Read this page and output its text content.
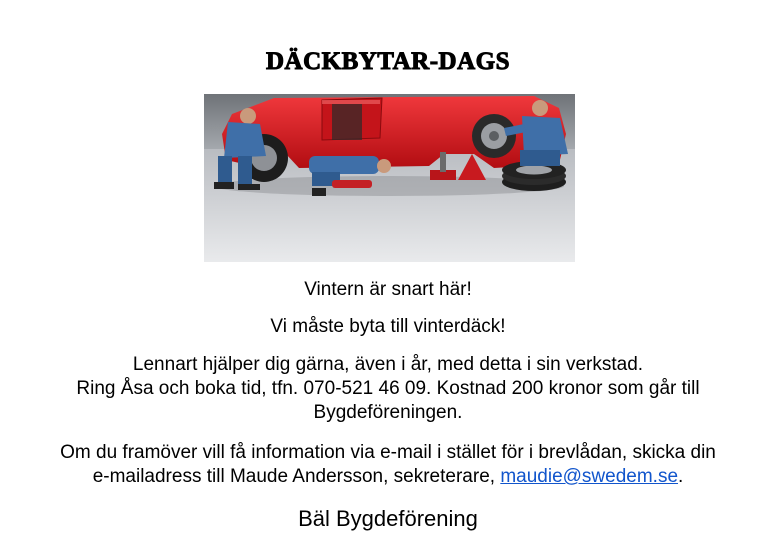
DÄCKBYTAR-DAGS
Vintern är snart här!
Vi måste byta till vinterdäck!
Lennart hjälper dig gärna, även i år, med detta i sin verkstad.
Ring Åsa och boka tid, tfn. 070-521 46 09. Kostnad 200 kronor som går till
Bygdeföreningen.
Om du framöver vill få information via e-mail i stället för i brevlådan, skicka din
e-mailadress till Maude Andersson, sekreterare, maudie@swedem.se.
Bäl Bygdeförening
